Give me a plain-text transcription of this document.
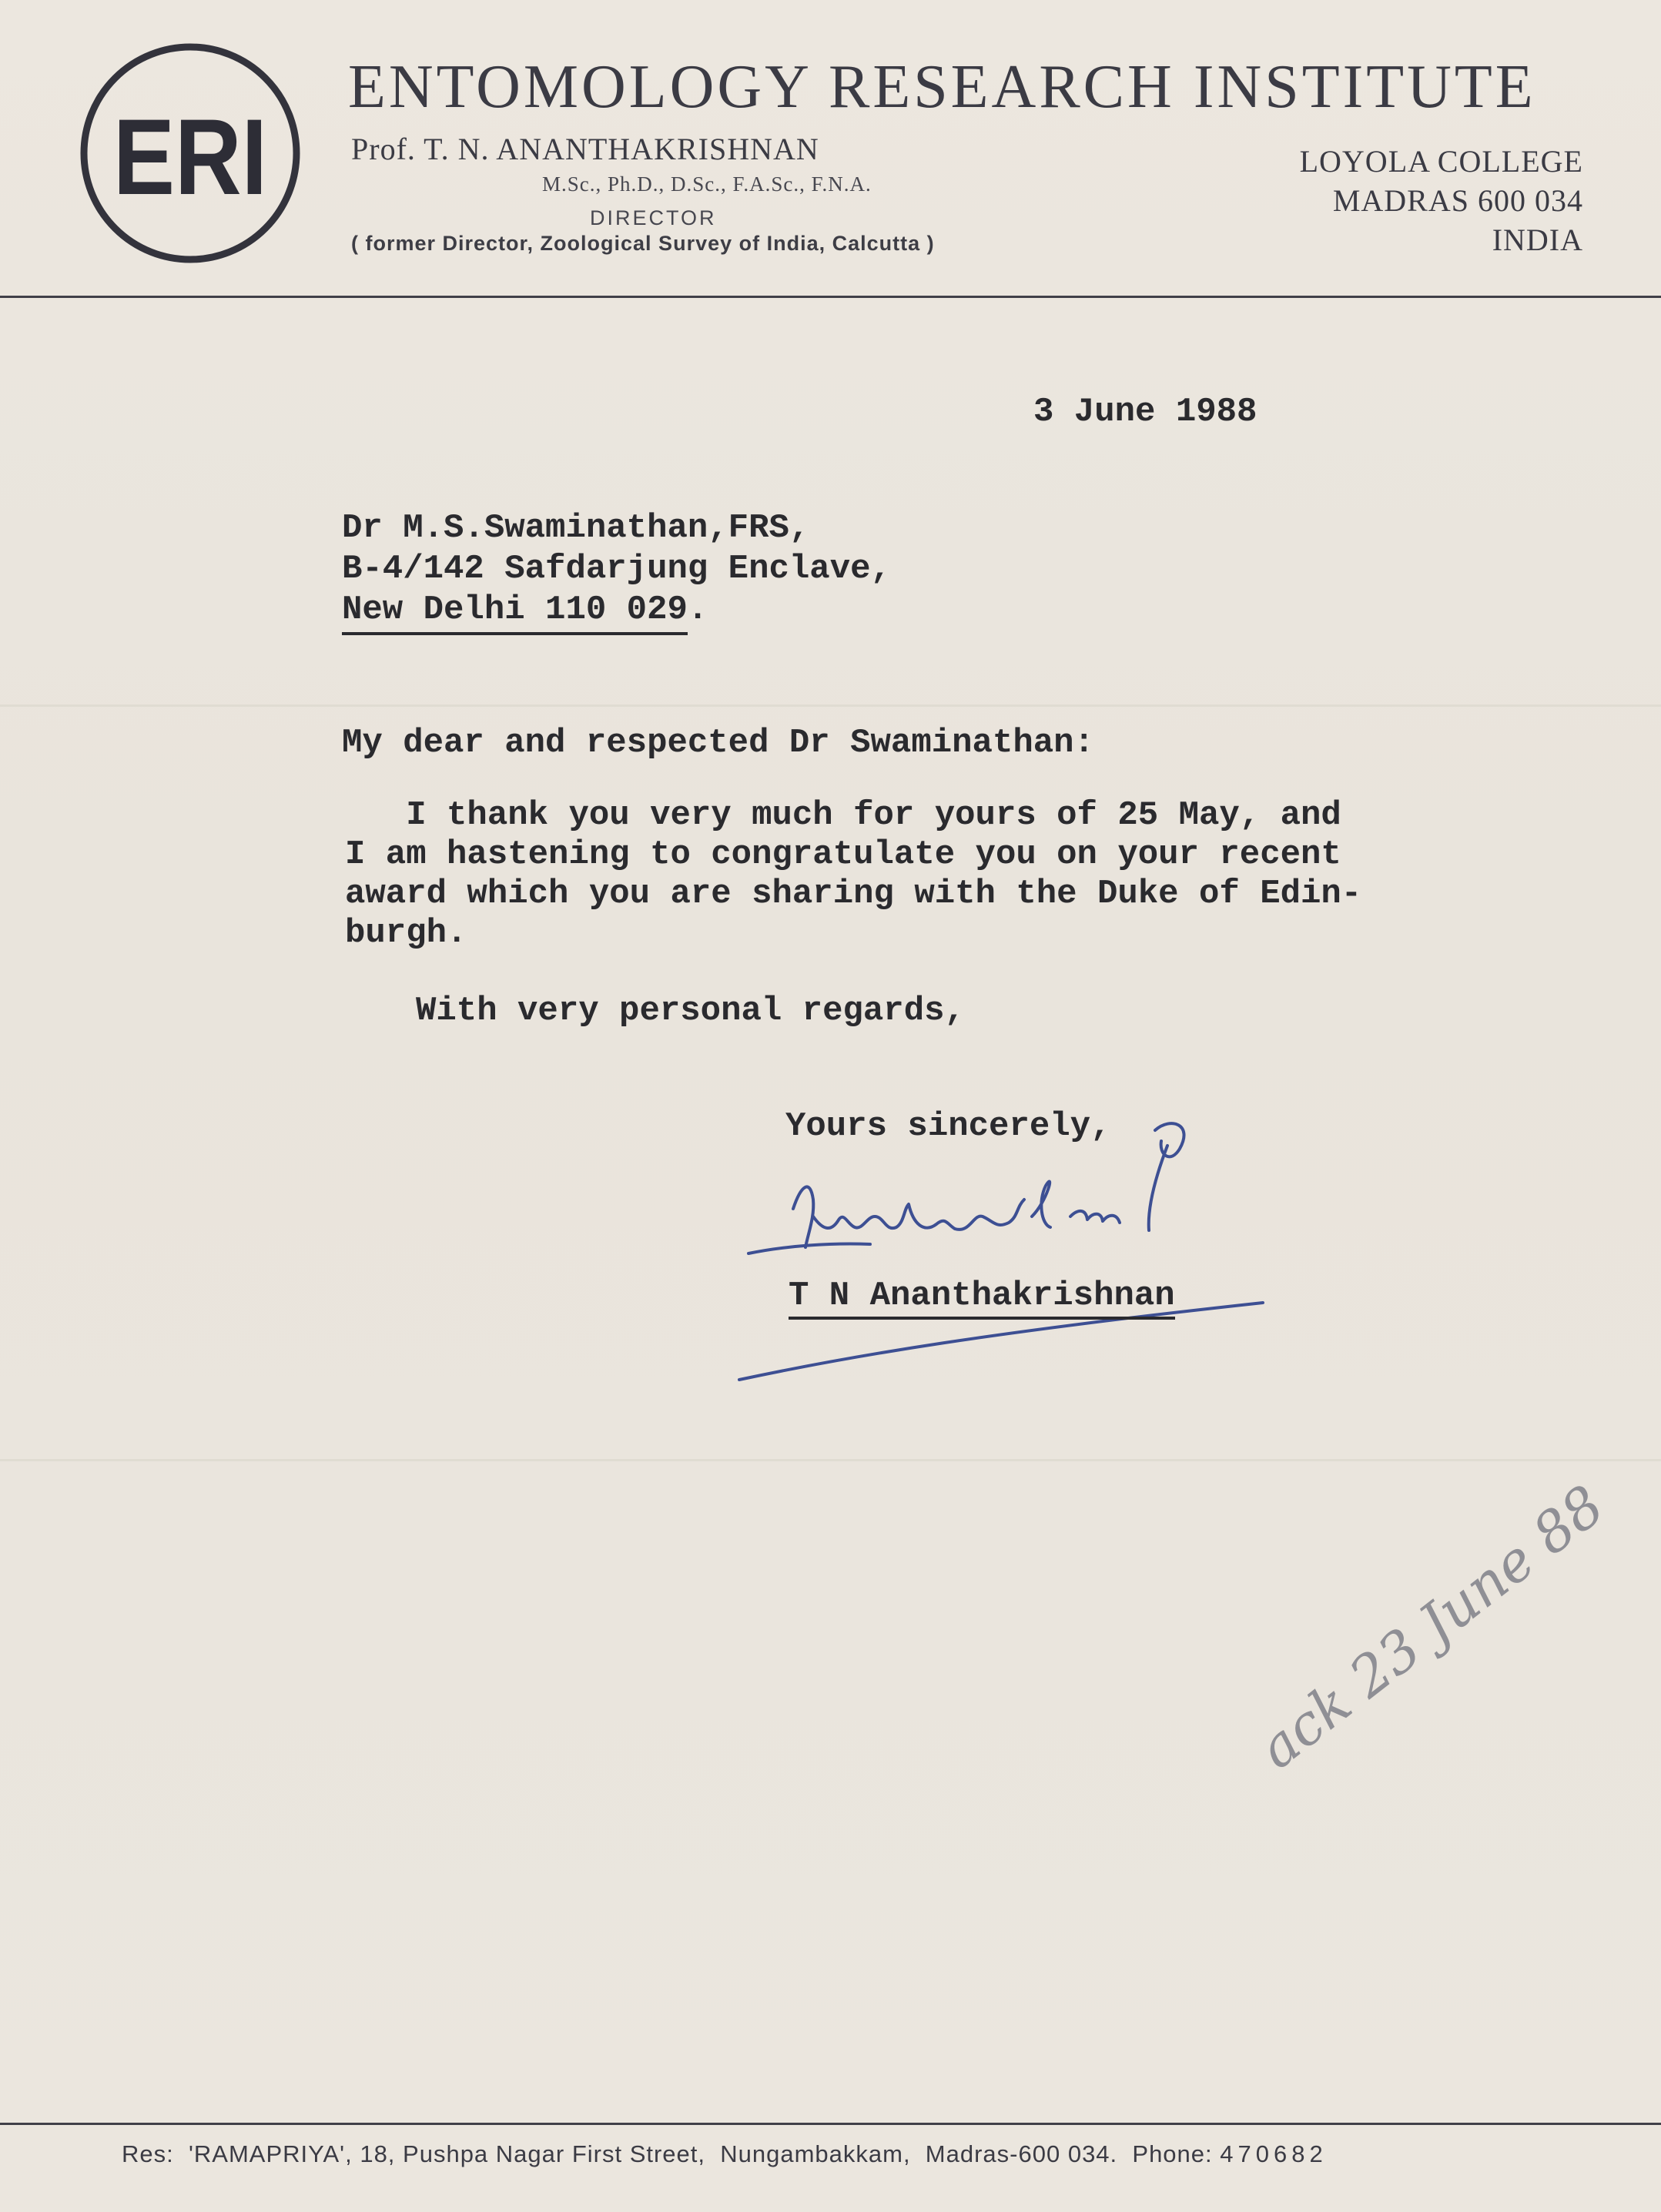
ERI
ENTOMOLOGY RESEARCH INSTITUTE
Prof. T. N. ANANTHAKRISHNAN
M.Sc., Ph.D., D.Sc., F.A.Sc., F.N.A.
DIRECTOR
( former Director, Zoological Survey of India, Calcutta )
LOYOLA COLLEGE
MADRAS 600 034
INDIA
3 June 1988
Dr M.S.Swaminathan,FRS,
B-4/142 Safdarjung Enclave,
New Delhi 110 029.
My dear and respected Dr Swaminathan:
I thank you very much for yours of 25 May, and
I am hastening to congratulate you on your recent
award which you are sharing with the Duke of Edin-
burgh.
With very personal regards,
Yours sincerely,
T N Ananthakrishnan
ack 23 June 88
Res:  'RAMAPRIYA', 18, Pushpa Nagar First Street,  Nungambakkam,  Madras-600 034.  Phone: 470682
